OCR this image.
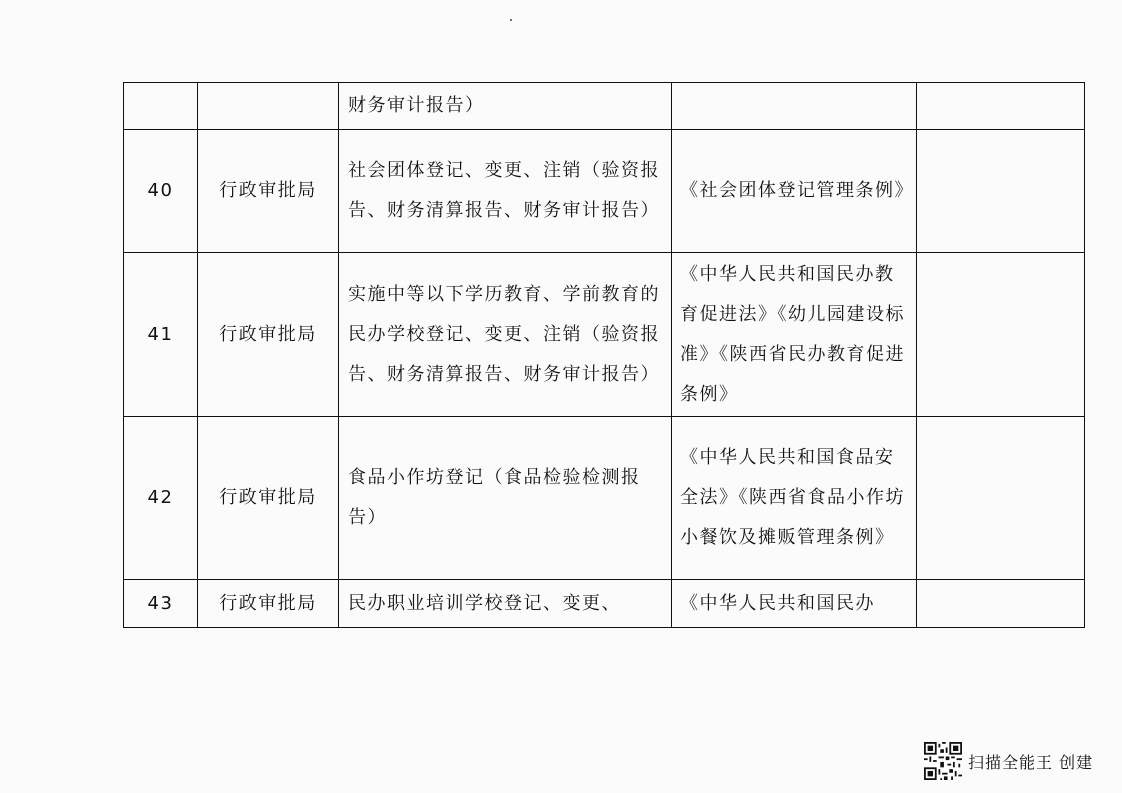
		财务审计报告）		
40	行政审批局	社会团体登记、变更、注销（验资报告、财务清算报告、财务审计报告）	《社会团体登记管理条例》	
41	行政审批局	实施中等以下学历教育、学前教育的民办学校登记、变更、注销（验资报告、财务清算报告、财务审计报告）	《中华人民共和国民办教育促进法》《幼儿园建设标准》《陕西省民办教育促进条例》	
42	行政审批局	食品小作坊登记（食品检验检测报告）	《中华人民共和国食品安全法》《陕西省食品小作坊小餐饮及摊贩管理条例》	
43	行政审批局	民办职业培训学校登记、变更、	《中华人民共和国民办	
扫描全能王 创建
